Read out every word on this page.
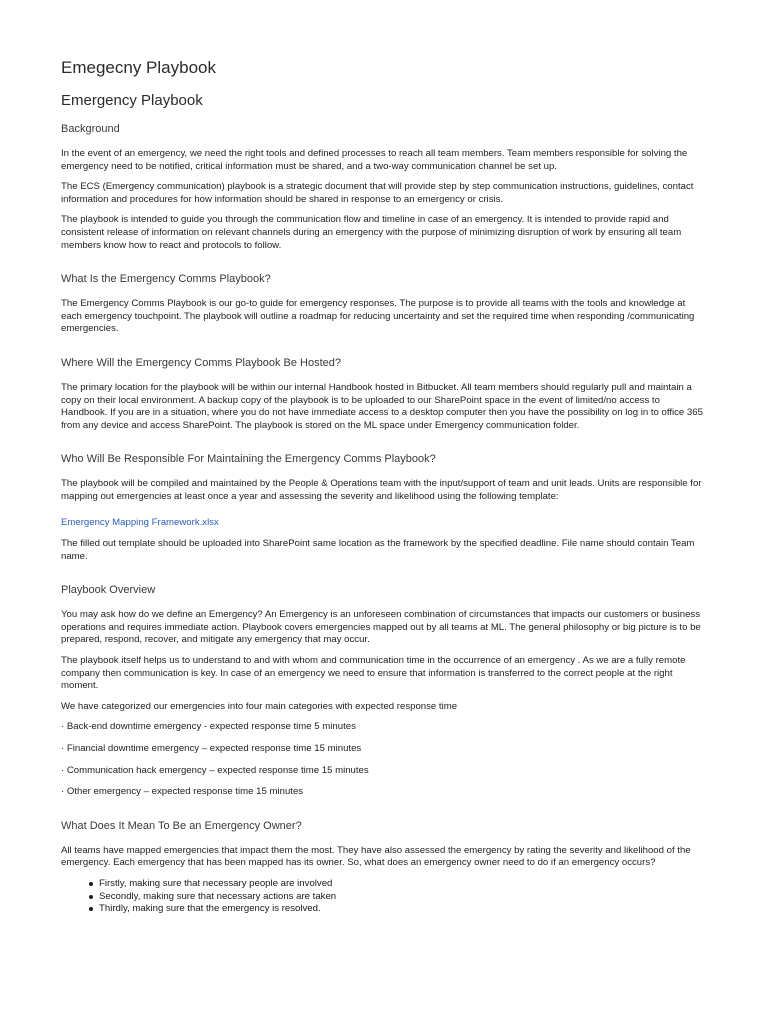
Emegecny Playbook
Emergency Playbook
Background

In the event of an emergency, we need the right tools and defined processes to reach all team members. Team members responsible for solving the emergency need to be notified, critical information must be shared, and a two-way communication channel be set up.

The ECS (Emergency communication) playbook is a strategic document that will provide step by step communication instructions, guidelines, contact information and procedures for how information should be shared in response to an emergency or crisis.

The playbook is intended to guide you through the communication flow and timeline in case of an emergency. It is intended to provide rapid and consistent release of information on relevant channels during an emergency with the purpose of minimizing disruption of work by ensuring all team members know how to react and protocols to follow.

What Is the Emergency Comms Playbook?

The Emergency Comms Playbook is our go-to guide for emergency responses. The purpose is to provide all teams with the tools and knowledge at each emergency touchpoint. The playbook will outline a roadmap for reducing uncertainty and set the required time when responding /communicating emergencies.

Where Will the Emergency Comms Playbook Be Hosted?

The primary location for the playbook will be within our internal Handbook hosted in Bitbucket. All team members should regularly pull and maintain a copy on their local environment. A backup copy of the playbook is to be uploaded to our SharePoint space in the event of limited/no access to Handbook. If you are in a situation, where you do not have immediate access to a desktop computer then you have the possibility on log in to office 365 from any device and access SharePoint. The playbook is stored on the ML space under Emergency communication folder.

Who Will Be Responsible For Maintaining the Emergency Comms Playbook?

The playbook will be compiled and maintained by the People & Operations team with the input/support of team and unit leads. Units are responsible for mapping out emergencies at least once a year and assessing the severity and likelihood using the following template:

Emergency Mapping Framework.xlsx

The filled out template should be uploaded into SharePoint same location as the framework by the specified deadline. File name should contain Team name.

Playbook Overview

You may ask how do we define an Emergency? An Emergency is an unforeseen combination of circumstances that impacts our customers or business operations and requires immediate action. Playbook covers emergencies mapped out by all teams at ML. The general philosophy or big picture is to be prepared, respond, recover, and mitigate any emergency that may occur.

The playbook itself helps us to understand to and with whom and communication time in the occurrence of an emergency . As we are a fully remote company then communication is key. In case of an emergency we need to ensure that information is transferred to the correct people at the right moment.

We have categorized our emergencies into four main categories with expected response time

· Back-end downtime emergency - expected response time 5 minutes

· Financial downtime emergency – expected response time 15 minutes

· Communication hack emergency – expected response time 15 minutes

· Other emergency – expected response time 15 minutes

What Does It Mean To Be an Emergency Owner?

All teams have mapped emergencies that impact them the most. They have also assessed the emergency by rating the severity and likelihood of the emergency. Each emergency that has been mapped has its owner. So, what does an emergency owner need to do if an emergency occurs?

Firstly, making sure that necessary people are involved
Secondly, making sure that necessary actions are taken
Thirdly, making sure that the emergency is resolved.
